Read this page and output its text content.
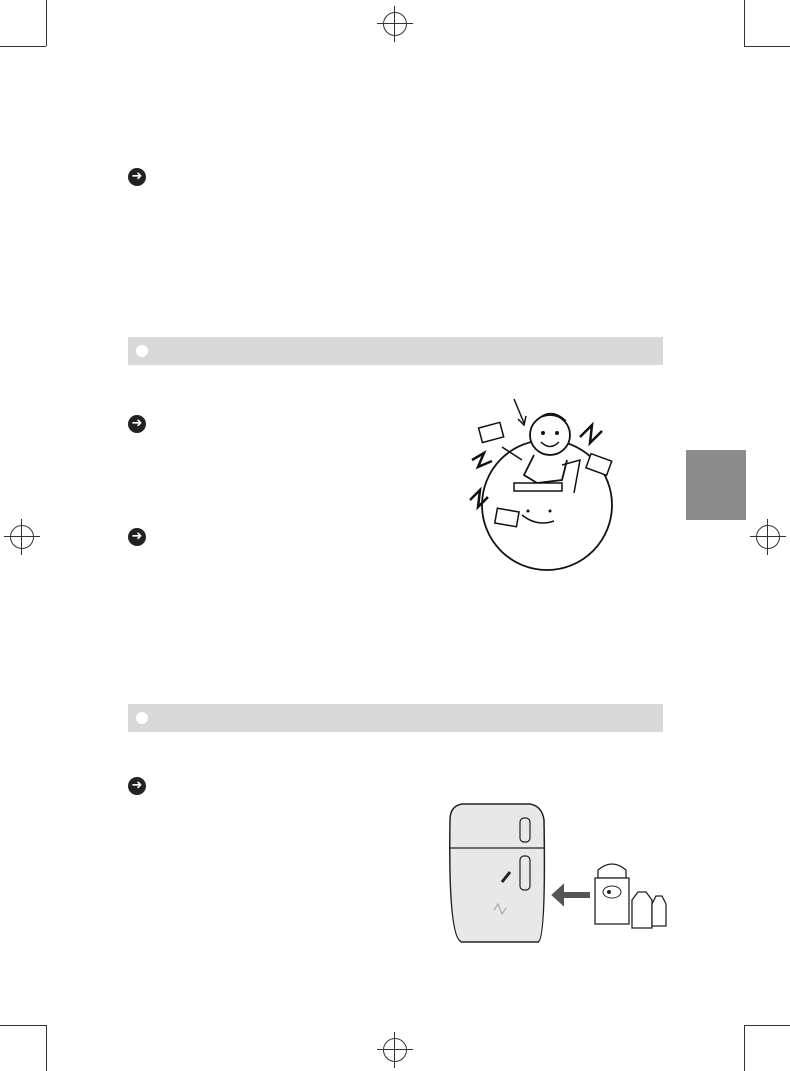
➜
➜
➜
➜
